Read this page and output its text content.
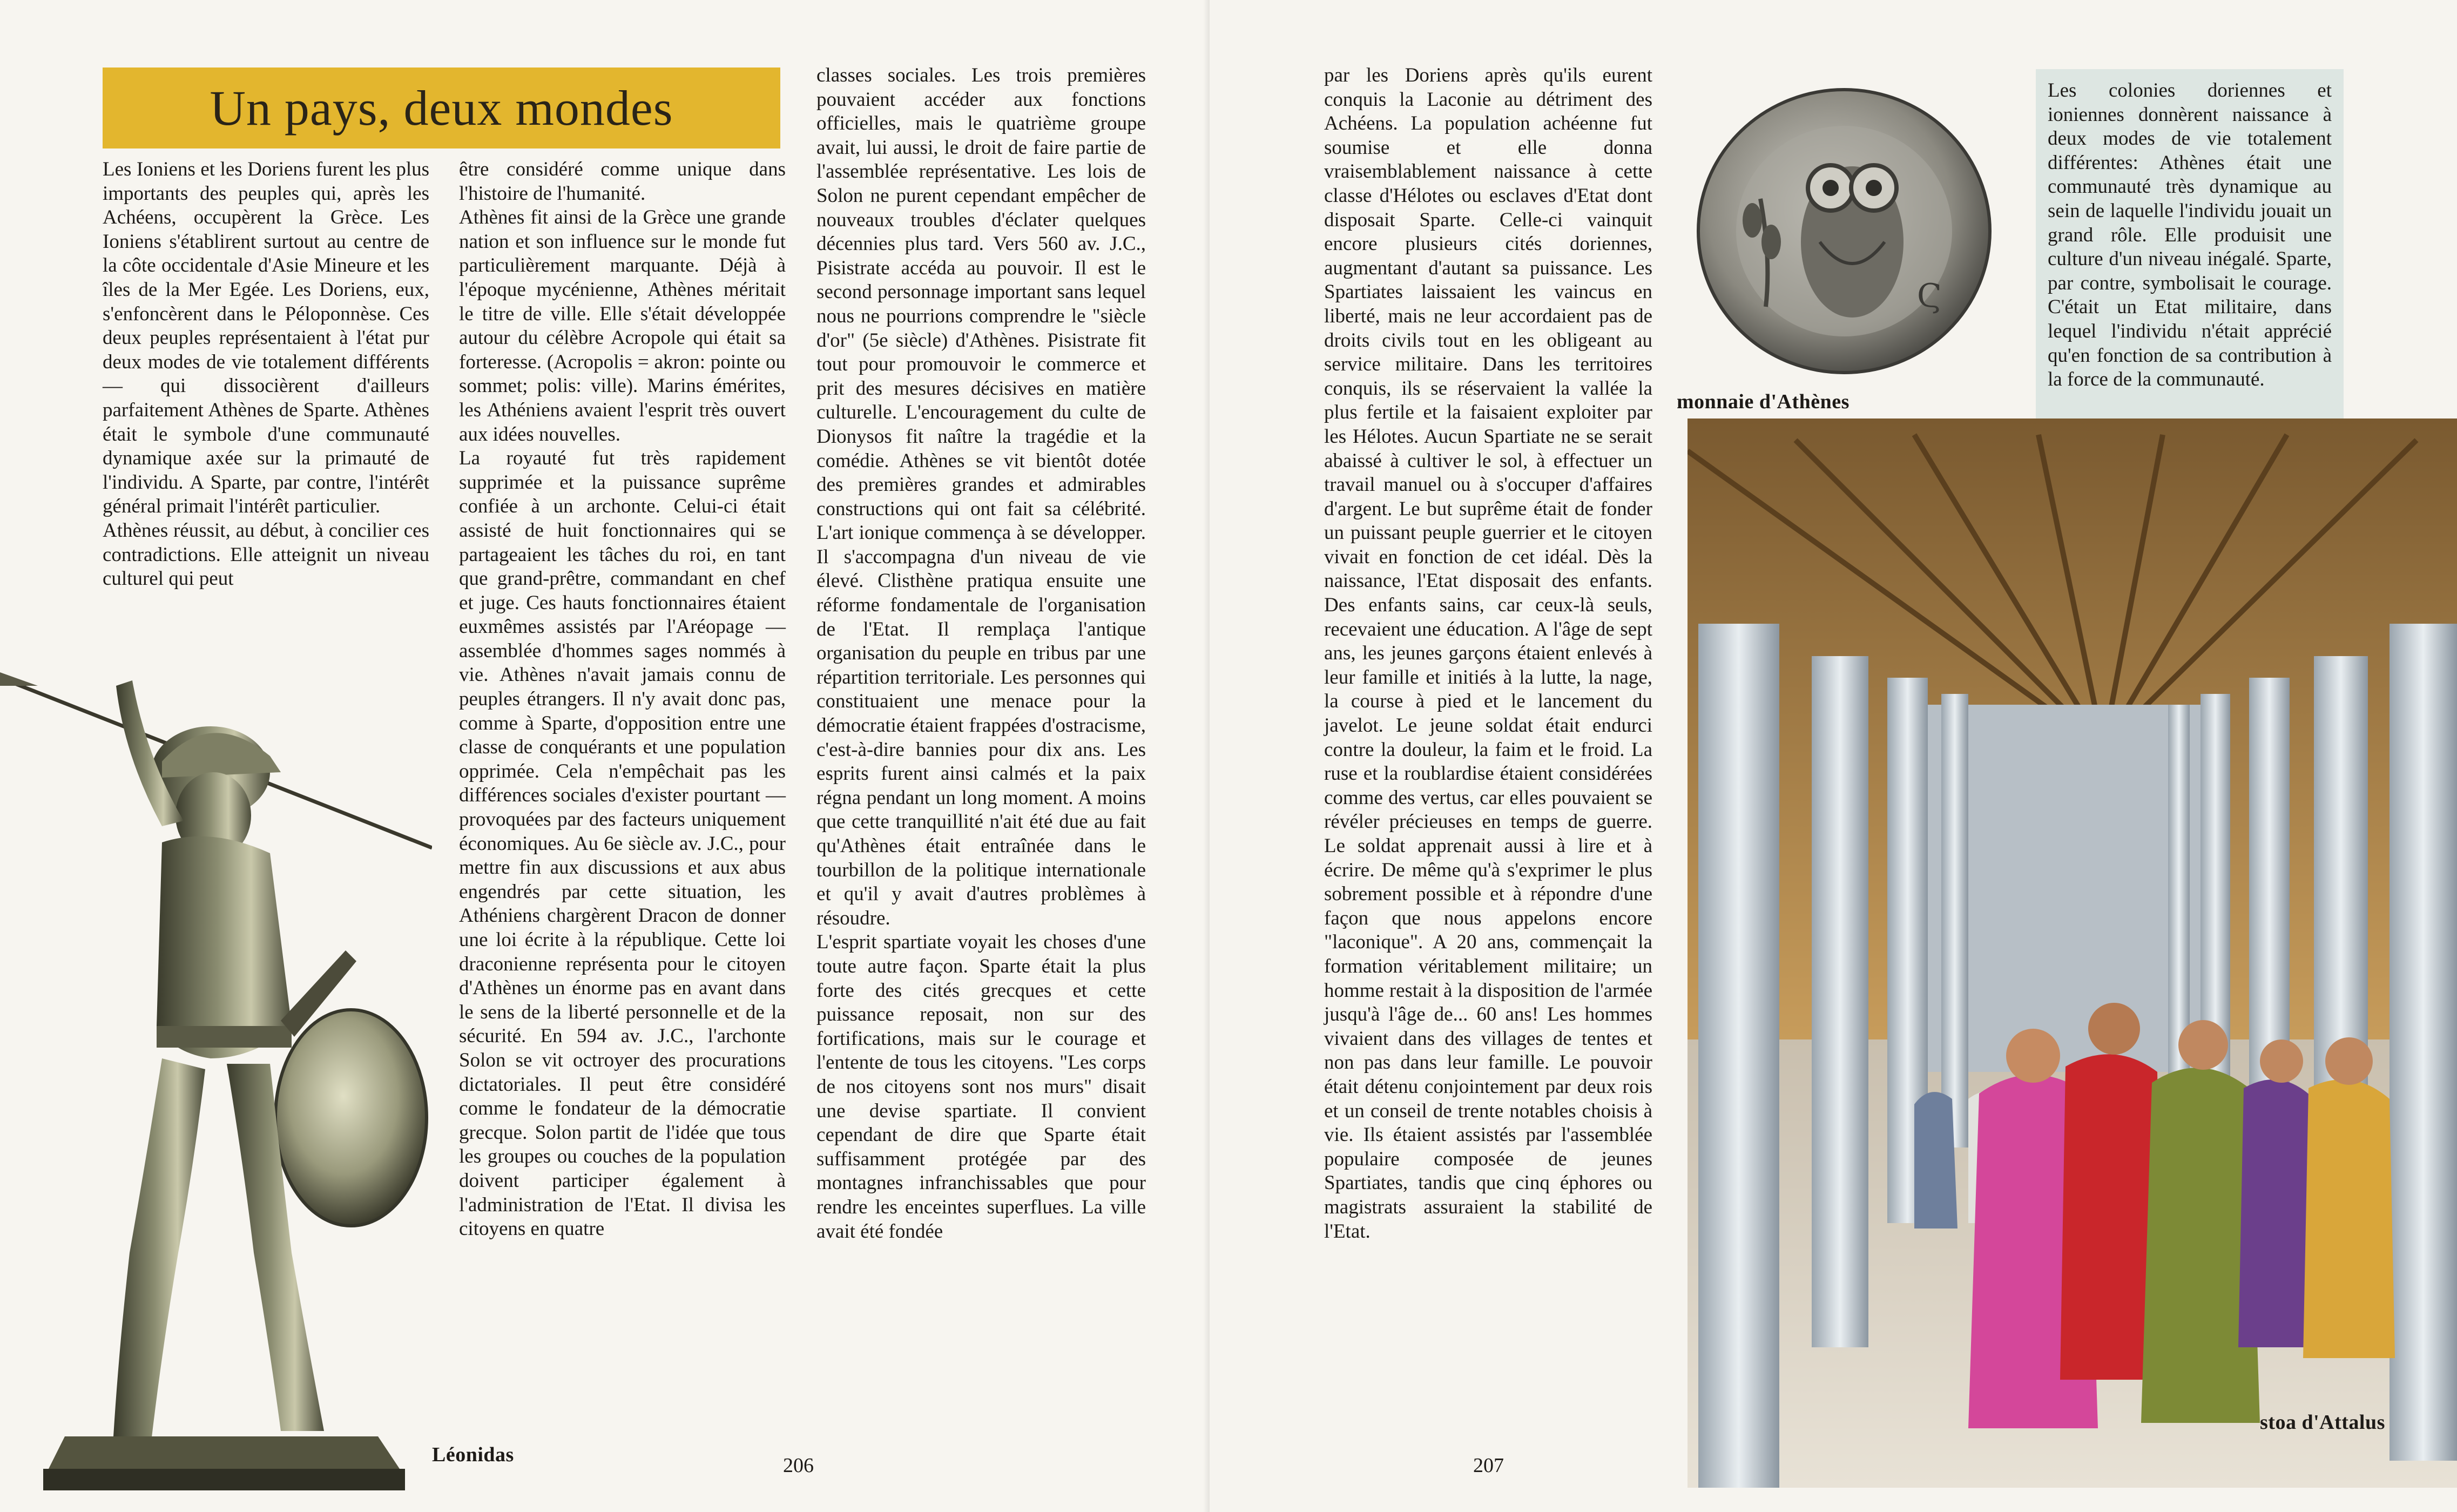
Un pays, deux mondes

Les Ioniens et les Doriens furent les plus importants des peuples qui, après les Achéens, occupèrent la Grèce. Les Ioniens s'établirent surtout au centre de la côte occidentale d'Asie Mineure et les îles de la Mer Egée. Les Doriens, eux, s'enfoncèrent dans le Péloponnèse. Ces deux peuples représentaient à l'état pur deux modes de vie totalement différents — qui dissocièrent d'ailleurs parfaitement Athènes de Sparte. Athènes était le symbole d'une communauté dynamique axée sur la primauté de l'individu. A Sparte, par contre, l'intérêt général primait l'intérêt particulier.

Athènes réussit, au début, à concilier ces contradictions. Elle atteignit un niveau culturel qui peut

être considéré comme unique dans l'histoire de l'humanité.

Athènes fit ainsi de la Grèce une grande nation et son influence sur le monde fut particulièrement marquante. Déjà à l'époque mycénienne, Athènes méritait le titre de ville. Elle s'était développée autour du célèbre Acropole qui était sa forteresse. (Acropolis = akron: pointe ou sommet; polis: ville). Marins émérites, les Athéniens avaient l'esprit très ouvert aux idées nouvelles.

La royauté fut très rapidement supprimée et la puissance suprême confiée à un archonte. Celui-ci était assisté de huit fonctionnaires qui se partageaient les tâches du roi, en tant que grand-prêtre, commandant en chef et juge. Ces hauts fonctionnaires étaient euxmêmes assistés par l'Aréopage — assemblée d'hommes sages nommés à vie. Athènes n'avait jamais connu de peuples étrangers. Il n'y avait donc pas, comme à Sparte, d'opposition entre une classe de conquérants et une population opprimée. Cela n'empêchait pas les différences sociales d'exister pourtant — provoquées par des facteurs uniquement économiques. Au 6e siècle av. J.C., pour mettre fin aux discussions et aux abus engendrés par cette situation, les Athéniens chargèrent Dracon de donner une loi écrite à la république. Cette loi draconienne représenta pour le citoyen d'Athènes un énorme pas en avant dans le sens de la liberté personnelle et de la sécurité. En 594 av. J.C., l'archonte Solon se vit octroyer des procurations dictatoriales. Il peut être considéré comme le fondateur de la démocratie grecque. Solon partit de l'idée que tous les groupes ou couches de la population doivent participer également à l'administration de l'Etat. Il divisa les citoyens en quatre

classes sociales. Les trois premières pouvaient accéder aux fonctions officielles, mais le quatrième groupe avait, lui aussi, le droit de faire partie de l'assemblée représentative. Les lois de Solon ne purent cependant empêcher de nouveaux troubles d'éclater quelques décennies plus tard. Vers 560 av. J.C., Pisistrate accéda au pouvoir. Il est le second personnage important sans lequel nous ne pourrions comprendre le "siècle d'or" (5e siècle) d'Athènes. Pisistrate fit tout pour promouvoir le commerce et prit des mesures décisives en matière culturelle. L'encouragement du culte de Dionysos fit naître la tragédie et la comédie. Athènes se vit bientôt dotée des premières grandes et admirables constructions qui ont fait sa célébrité. L'art ionique commença à se développer. Il s'accompagna d'un niveau de vie élevé. Clisthène pratiqua ensuite une réforme fondamentale de l'organisation de l'Etat. Il remplaça l'antique organisation du peuple en tribus par une répartition territoriale. Les personnes qui constituaient une menace pour la démocratie étaient frappées d'ostracisme, c'est-à-dire bannies pour dix ans. Les esprits furent ainsi calmés et la paix régna pendant un long moment. A moins que cette tranquillité n'ait été due au fait qu'Athènes était entraînée dans le tourbillon de la politique internationale et qu'il y avait d'autres problèmes à résoudre.

L'esprit spartiate voyait les choses d'une toute autre façon. Sparte était la plus forte des cités grecques et cette puissance reposait, non sur des fortifications, mais sur le courage et l'entente de tous les citoyens. "Les corps de nos citoyens sont nos murs" disait une devise spartiate. Il convient cependant de dire que Sparte était suffisamment protégée par des montagnes infranchissables que pour rendre les enceintes superflues. La ville avait été fondée

Léonidas	206

par les Doriens après qu'ils eurent conquis la Laconie au détriment des Achéens. La population achéenne fut soumise et elle donna vraisemblablement naissance à cette classe d'Hélotes ou esclaves d'Etat dont disposait Sparte. Celle-ci vainquit encore plusieurs cités doriennes, augmentant d'autant sa puissance. Les Spartiates laissaient les vaincus en liberté, mais ne leur accordaient pas de droits civils tout en les obligeant au service militaire. Dans les territoires conquis, ils se réservaient la vallée la plus fertile et la faisaient exploiter par les Hélotes. Aucun Spartiate ne se serait abaissé à cultiver le sol, à effectuer un travail manuel ou à s'occuper d'affaires d'argent. Le but suprême était de fonder un puissant peuple guerrier et le citoyen vivait en fonction de cet idéal. Dès la naissance, l'Etat disposait des enfants. Des enfants sains, car ceux-là seuls, recevaient une éducation. A l'âge de sept ans, les jeunes garçons étaient enlevés à leur famille et initiés à la lutte, la nage, la course à pied et le lancement du javelot. Le jeune soldat était endurci contre la douleur, la faim et le froid. La ruse et la roublardise étaient considérées comme des vertus, car elles pouvaient se révéler précieuses en temps de guerre. Le soldat apprenait aussi à lire et à écrire. De même qu'à s'exprimer le plus sobrement possible et à répondre d'une façon que nous appelons encore "laconique". A 20 ans, commençait la formation véritablement militaire; un homme restait à la disposition de l'armée jusqu'à l'âge de... 60 ans! Les hommes vivaient dans des villages de tentes et non pas dans leur famille. Le pouvoir était détenu conjointement par deux rois et un conseil de trente notables choisis à vie. Ils étaient assistés par l'assemblée populaire composée de jeunes Spartiates, tandis que cinq éphores ou magistrats assuraient la stabilité de l'Etat.

Ϛ
monnaie d'Athènes
Les colonies doriennes et ioniennes donnèrent naissance à deux modes de vie totalement différentes: Athènes était une communauté très dynamique au sein de laquelle l'individu jouait un grand rôle. Elle produisit une culture d'un niveau inégalé. Sparte, par contre, symbolisait le courage. C'était un Etat militaire, dans lequel l'individu n'était apprécié qu'en fonction de sa contribution à la force de la communauté.
stoa d'Attalus
207
